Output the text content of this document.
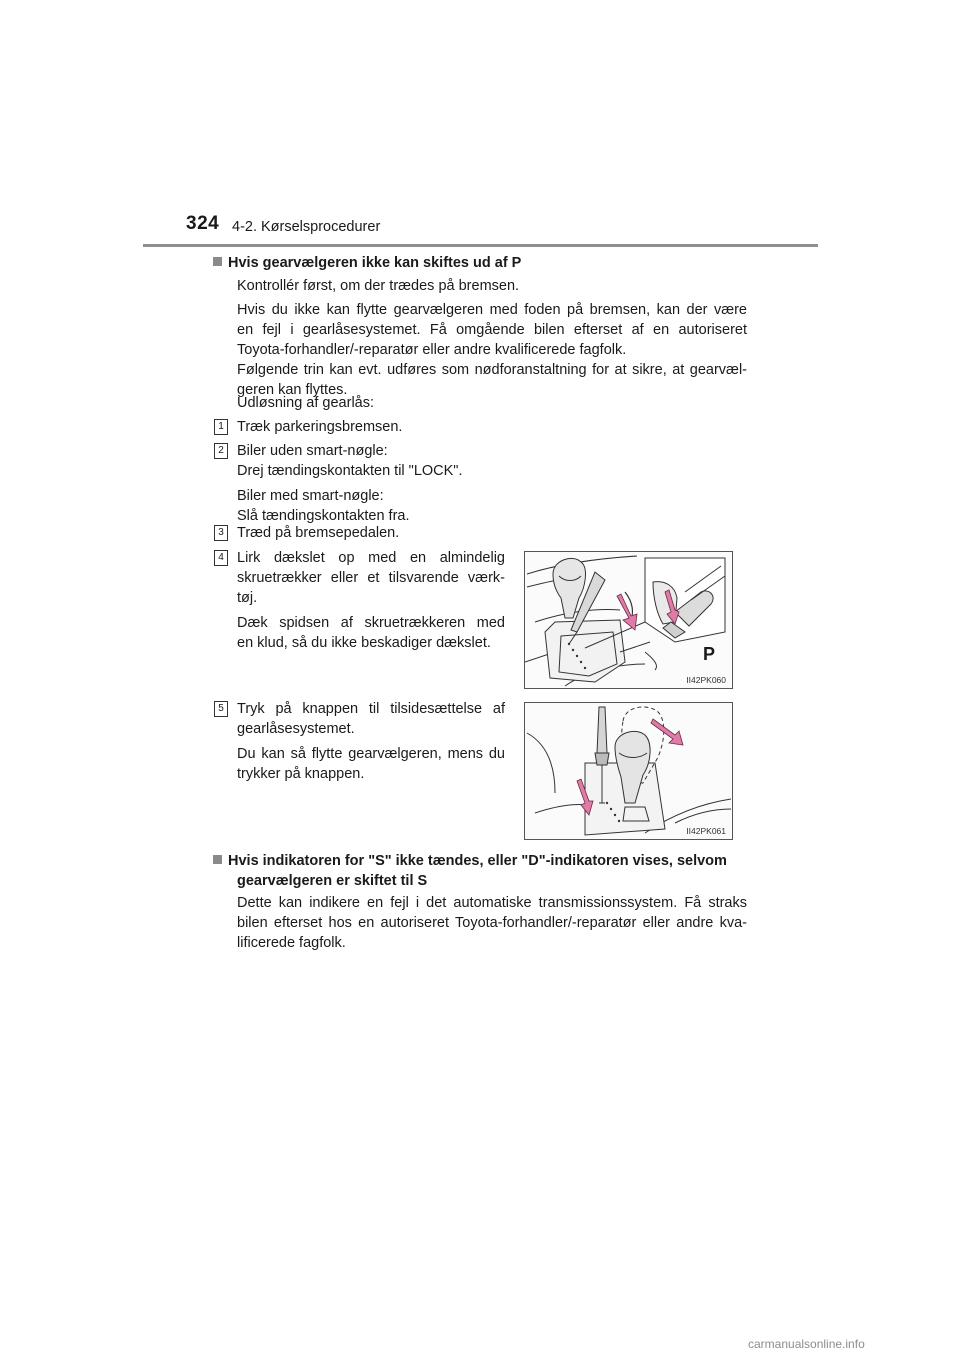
324 4-2. Kørselsprocedurer
Hvis gearvælgeren ikke kan skiftes ud af P
Kontrollér først, om der trædes på bremsen.
Hvis du ikke kan flytte gearvælgeren med foden på bremsen, kan der være
en fejl i gearlåsesystemet. Få omgående bilen efterset af en autoriseret
Toyota-forhandler/-reparatør eller andre kvalificerede fagfolk.
Følgende trin kan evt. udføres som nødforanstaltning for at sikre, at gearvæl-
geren kan flyttes.
Udløsning af gearlås:
1 Træk parkeringsbremsen.
2 Biler uden smart-nøgle:
Drej tændingskontakten til "LOCK".
Biler med smart-nøgle:
Slå tændingskontakten fra.
3 Træd på bremsepedalen.
4 Lirk dækslet op med en almindelig
skruetrækker eller et tilsvarende værk-
tøj.
Dæk spidsen af skruetrækkeren med
en klud, så du ikke beskadiger dækslet.
P
II42PK060
5 Tryk på knappen til tilsidesættelse af
gearlåsesystemet.
Du kan så flytte gearvælgeren, mens du
trykker på knappen.
II42PK061
Hvis indikatoren for "S" ikke tændes, eller "D"-indikatoren vises, selvom
gearvælgeren er skiftet til S
Dette kan indikere en fejl i det automatiske transmissionssystem. Få straks
bilen efterset hos en autoriseret Toyota-forhandler/-reparatør eller andre kva-
lificerede fagfolk.
carmanualsonline.info
